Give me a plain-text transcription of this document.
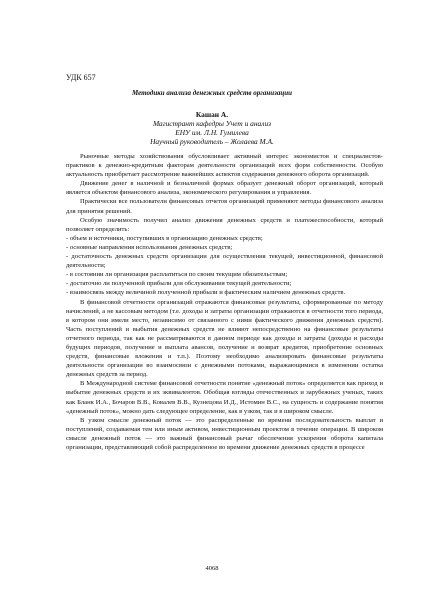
УДК 657
Методики анализа денежных средств организации
Кашан А.
Магистрант кафедры Учет и анализ
ЕНУ им. Л.Н. Гумилева
Научный руководитель – Жолаева М.А.

Рыночные методы хозяйствования обусловливает активный интерес экономистов и специалистов-практиков к денежно-кредитным факторам деятельности организаций всех форм собственности. Особую актуальность приобретает рассмотрение важнейших аспектов содержания денежного оборота организаций.

Движение денег в наличной и безналичной формах образует денежный оборот организаций, который является объектом финансового анализа, экономического регулирования и управления.

Практически все пользователи финансовых отчетов организаций применяют методы финансового анализа для принятия решений.

Особую значимость получил анализ движения денежных средств и платежеспособности, который позволяет определить:

- объем и источники, поступивших в организацию денежных средств;

- основные направления использования денежных средств;

- достаточность денежных средств организации для осуществления текущей, инвестиционной, финансовой деятельности;

- в состоянии ли организация расплатиться по своим текущим обязательствам;

- достаточно ли полученной прибыли для обслуживания текущей деятельности;

- взаимосвязь между величиной полученной прибыли и фактическим наличием денежных средств.

В финансовой отчетности организаций отражаются финансовые результаты, сформированные по методу начислений, а не кассовым методом (т.е. доходы и затраты организации отражаются в отчетности того периода, в котором они имели место, независимо от связанного с ними фактического движения денежных средств). Часть поступлений и выбытия денежных средств не влияют непосредственно на финансовые результаты отчетного периода, так как не рассматриваются в данном периоде как доходы и затраты (доходы и расходы будущих периодов, получение и выплата авансов, получение и возврат кредитов, приобретение основных средств, финансовые вложения и т.п.). Поэтому необходимо анализировать финансовые результаты деятельности организации во взаимосвязи с денежными потоками, выражающимися в изменении остатка денежных средств за период.

В Международной системе финансовой отчетности понятие «денежный поток» определяется как приход и выбытие денежных средств и их эквивалентов. Обобщая взгляды отечественных и зарубежных ученых, таких как Бланк И.А., Бочаров В.В., Ковалев В.В., Кузнецова И.Д., Истомин В.С., на сущность и содержание понятия «денежный поток», можно дать следующее определение, как в узком, так и в широком смысле.

В узком смысле денежный поток — это распределенные во времени последовательность выплат и поступлений, создаваемая тем или иным активом, инвестиционным проектом в течение операции. В широком смысле денежный поток — это важный финансовый рычаг обеспечения ускорения оборота капитала организации, представляющий собой распределенное во времени движение денежных средств в процессе

4068
